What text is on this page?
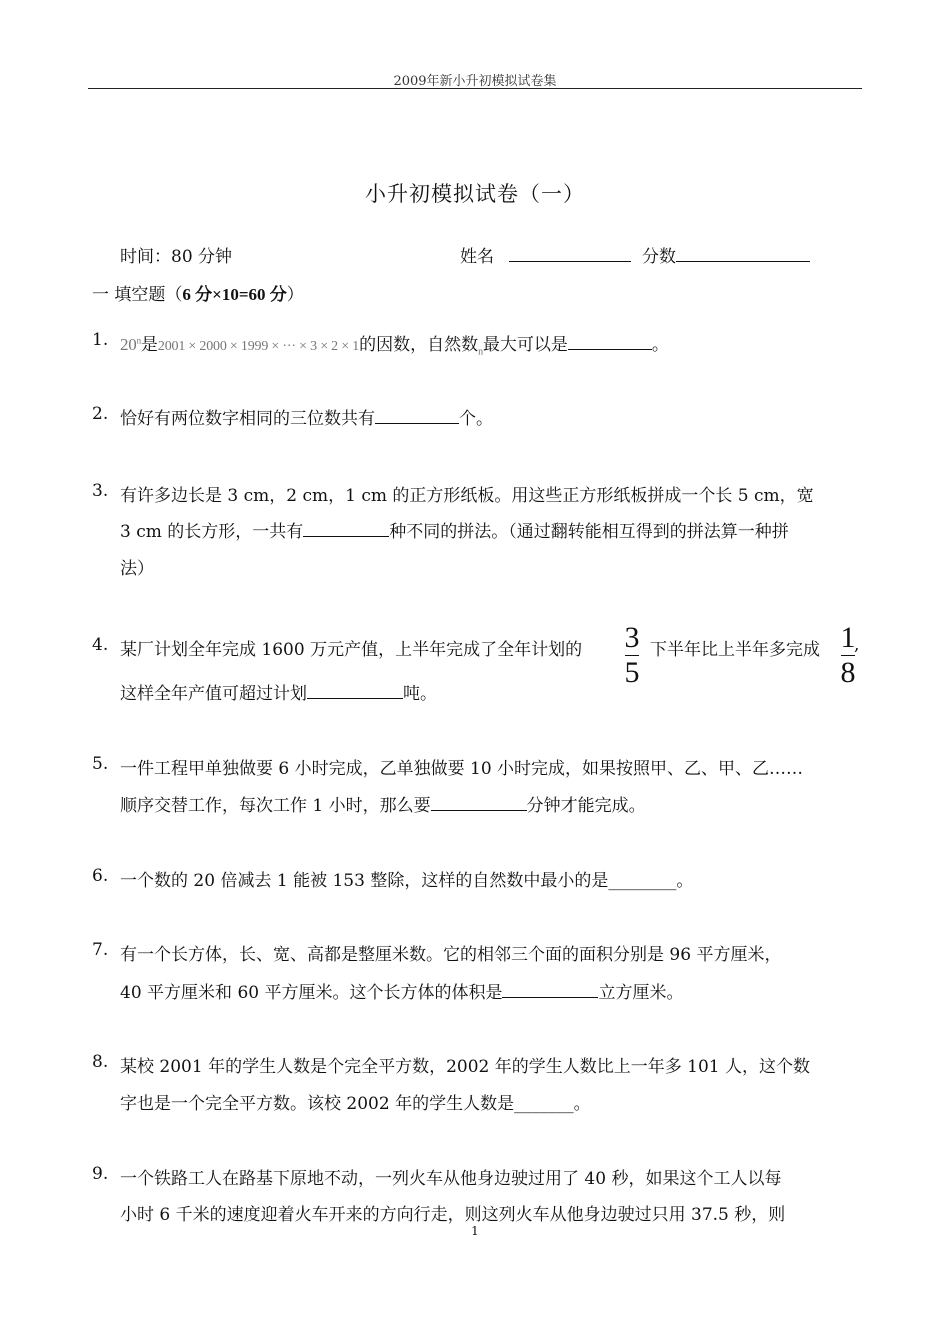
2009年新小升初模拟试卷集
小升初模拟试卷（一）
时间：80 分钟	姓名	分数
一 填空题（6 分×10=60 分）
1. 20$^n$是2001 × 2000 × 1999 × ··· × 3 × 2 × 1的因数，自然数$_n$最大可以是	。
2. 恰好有两位数字相同的三位数共有	个。
3. 有许多边长是 3 cm，2 cm，1 cm 的正方形纸板。用这些正方形纸板拼成一个长 5 cm，宽
3 cm 的长方形，一共有	种不同的拼法。（通过翻转能相互得到的拼法算一种拼
法）
4. 某厂计划全年完成 1600 万元产值，上半年完成了全年计划的 3
5
下半年比上半年多完成 1
8
,
这样全年产值可超过计划	吨。
5. 一件工程甲单独做要 6 小时完成，乙单独做要 10 小时完成，如果按照甲、乙、甲、乙……
顺序交替工作，每次工作 1 小时，那么要	分钟才能完成。
6. 一个数的 20 倍减去 1 能被 153 整除，这样的自然数中最小的是________。
7. 有一个长方体，长、宽、高都是整厘米数。它的相邻三个面的面积分别是 96 平方厘米，
40 平方厘米和 60 平方厘米。这个长方体的体积是	立方厘米。
8. 某校 2001 年的学生人数是个完全平方数，2002 年的学生人数比上一年多 101 人，这个数
字也是一个完全平方数。该校 2002 年的学生人数是_______。
9. 一个铁路工人在路基下原地不动，一列火车从他身边驶过用了 40 秒，如果这个工人以每
小时 6 千米的速度迎着火车开来的方向行走，则这列火车从他身边驶过只用 37.5 秒，则
1
